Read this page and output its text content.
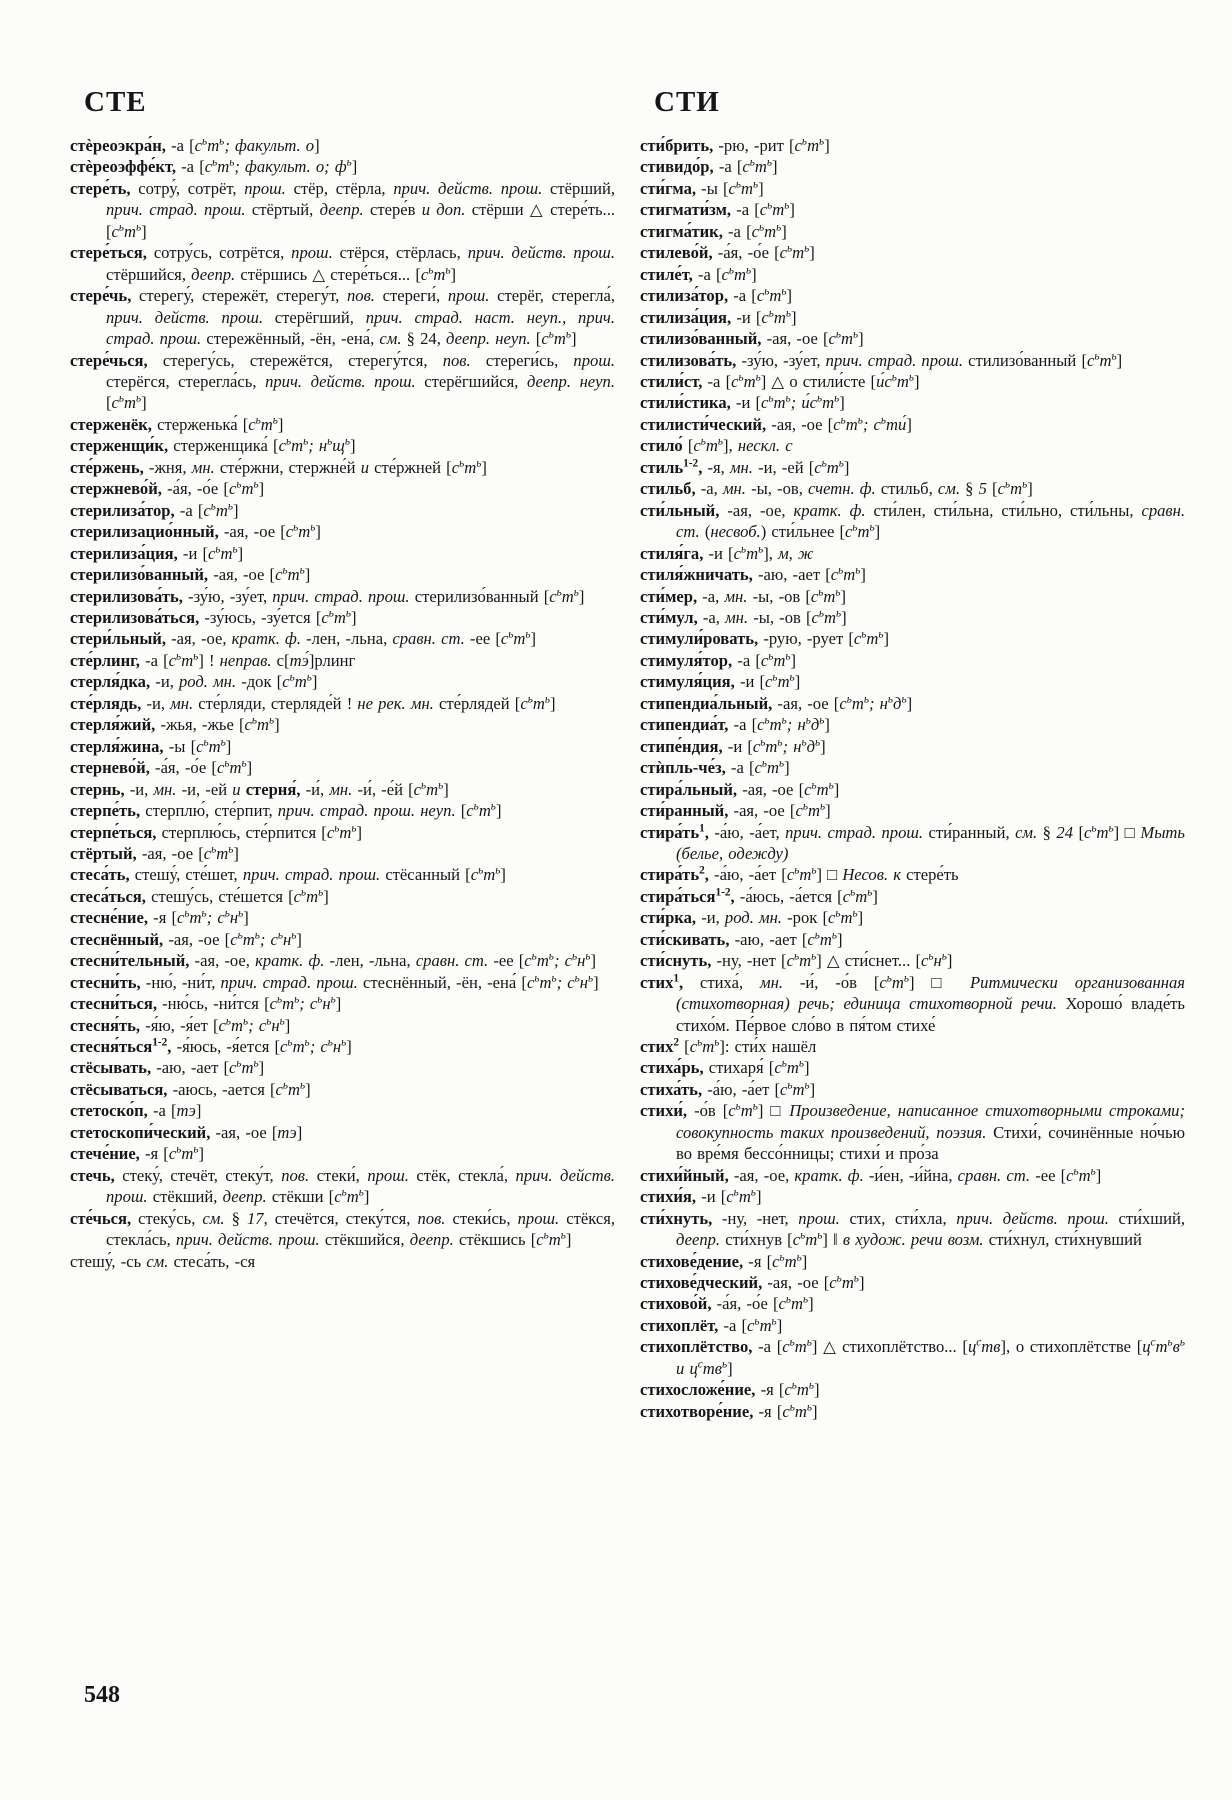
СТЕ

стѐреоэкра́н, -а [$с^ьт^ь$; факульт. о]

стѐреоэффе́кт, -а [$с^ьт^ь$; факульт. о; $ф^ь$]

стере́ть, сотру́, сотрёт, прош. стёр, стёрла, прич. действ. прош. стёрший, прич. страд. прош. стёртый, деепр. стере́в и доп. стёрши △ стере́ть... $[с^ьт^ь]$

стере́ться, сотру́сь, сотрётся, прош. стёрся, стёрлась, прич. действ. прош. стёршийся, деепр. стёршись △ стере́ться... $[с^ьт^ь]$

стере́чь, стерегу́, стережёт, стерегу́т, пов. стереги́, прош. стерёг, стерегла́, прич. действ. прош. стерёгший, прич. страд. наст. неуп., прич. страд. прош. стережённый, -ён, -ена́, см. § 24, деепр. неуп. $[с^ьт^ь]$

стере́чься, стерегу́сь, стережётся, стерегу́тся, пов. стереги́сь, прош. стерёгся, стерегла́сь, прич. действ. прош. стерёгшийся, деепр. неуп. $[с^ьт^ь]$

стерженёк, стерженька́ $[с^ьт^ь]$

стерженщи́к, стерженщика́ [$с^ьт^ь$; $н^ьщ^ь$]

сте́ржень, -жня, мн. сте́ржни, стержне́й и сте́ржней $[с^ьт^ь]$

стержнево́й, -а́я, -о́е $[с^ьт^ь]$

стерилиза́тор, -а $[с^ьт^ь]$

стерилизацио́нный, -ая, -ое $[с^ьт^ь]$

стерилиза́ция, -и $[с^ьт^ь]$

стерилизо́ванный, -ая, -ое $[с^ьт^ь]$

стерилизова́ть, -зу́ю, -зу́ет, прич. страд. прош. стерилизо́ванный $[с^ьт^ь]$

стерилизова́ться, -зу́юсь, -зу́ется $[с^ьт^ь]$

стери́льный, -ая, -ое, кратк. ф. -лен, -льна, сравн. ст. -ее $[с^ьт^ь]$

сте́рлинг, -а $[с^ьт^ь]$ ! неправ. с[тэ́]рлинг

стерля́дка, -и, род. мн. -док $[с^ьт^ь]$

сте́рлядь, -и, мн. сте́рляди, стерляде́й ! не рек. мн. сте́рлядей $[с^ьт^ь]$

стерля́жий, -жья, -жье $[с^ьт^ь]$

стерля́жина, -ы $[с^ьт^ь]$

стернево́й, -а́я, -о́е $[с^ьт^ь]$

стернь, -и, мн. -и, -ей и стерня́, -и́, мн. -и́, -е́й $[с^ьт^ь]$

стерпе́ть, стерплю́, сте́рпит, прич. страд. прош. неуп. $[с^ьт^ь]$

стерпе́ться, стерплю́сь, сте́рпится $[с^ьт^ь]$

стёртый, -ая, -ое $[с^ьт^ь]$

стеса́ть, стешу́, сте́шет, прич. страд. прош. стёсанный $[с^ьт^ь]$

стеса́ться, стешу́сь, сте́шется $[с^ьт^ь]$

стесне́ние, -я [$с^ьт^ь$; $с^ьн^ь$]

стеснённый, -ая, -ое [$с^ьт^ь$; $с^ьн^ь$]

стесни́тельный, -ая, -ое, кратк. ф. -лен, -льна, сравн. ст. -ее [$с^ьт^ь$; $с^ьн^ь$]

стесни́ть, -ню́, -ни́т, прич. страд. прош. стеснённый, -ён, -ена́ [$с^ьт^ь$; $с^ьн^ь$]

стесни́ться, -ню́сь, -ни́тся [$с^ьт^ь$; $с^ьн^ь$]

стесня́ть, -я́ю, -я́ет [$с^ьт^ь$; $с^ьн^ь$]

стесня́ться$^{1-2}$, -я́юсь, -я́ется [$с^ьт^ь$; $с^ьн^ь$]

стёсывать, -аю, -ает $[с^ьт^ь]$

стёсываться, -аюсь, -ается $[с^ьт^ь]$

стетоско́п, -а [тэ]

стетоскопи́ческий, -ая, -ое [тэ]

стече́ние, -я $[с^ьт^ь]$

стечь, стеку́, стечёт, стеку́т, пов. стеки́, прош. стёк, стекла́, прич. действ. прош. стёкший, деепр. стёкши $[с^ьт^ь]$

сте́чься, стеку́сь, см. § 17, стечётся, стеку́тся, пов. стеки́сь, прош. стёкся, стекла́сь, прич. действ. прош. стёкшийся, деепр. стёкшись $[с^ьт^ь]$

стешу́, -сь см. стеса́ть, -ся

СТИ

сти́брить, -рю, -рит $[с^ьт^ь]$

стивидо́р, -а $[с^ьт^ь]$

сти́гма, -ы $[с^ьт^ь]$

стигмати́зм, -а $[с^ьт^ь]$

стигма́тик, -а $[с^ьт^ь]$

стилево́й, -а́я, -о́е $[с^ьт^ь]$

стиле́т, -а $[с^ьт^ь]$

стилиза́тор, -а $[с^ьт^ь]$

стилиза́ция, -и $[с^ьт^ь]$

стилизо́ванный, -ая, -ое $[с^ьт^ь]$

стилизова́ть, -зу́ю, -зу́ет, прич. страд. прош. стилизо́ванный $[с^ьт^ь]$

стили́ст, -а $[с^ьт^ь]$ △ о стили́сте $[и́с^ьт^ь]$

стили́стика, -и [$с^ьт^ь$; $и́с^ьт^ь$]

стилисти́ческий, -ая, -ое [$с^ьт^ь$; $с^ьти́$]

стило́ $[с^ьт^ь]$, нескл. с

стиль$^{1-2}$, -я, мн. -и, -ей $[с^ьт^ь]$

стильб, -а, мн. -ы, -ов, счетн. ф. стильб, см. § 5 $[с^ьт^ь]$

сти́льный, -ая, -ое, кратк. ф. сти́лен, сти́льна, сти́льно, сти́льны, сравн. ст. (несвоб.) сти́льнее $[с^ьт^ь]$

стиля́га, -и $[с^ьт^ь]$, м, ж

стиля́жничать, -аю, -ает $[с^ьт^ь]$

сти́мер, -а, мн. -ы, -ов $[с^ьт^ь]$

сти́мул, -а, мн. -ы, -ов $[с^ьт^ь]$

стимули́ровать, -рую, -рует $[с^ьт^ь]$

стимуля́тор, -а $[с^ьт^ь]$

стимуля́ция, -и $[с^ьт^ь]$

стипендиа́льный, -ая, -ое [$с^ьт^ь$; $н^ьд^ь$]

стипендиа́т, -а [$с^ьт^ь$; $н^ьд^ь$]

стипе́ндия, -и [$с^ьт^ь$; $н^ьд^ь$]

стѝпль-че́з, -а $[с^ьт^ь]$

стира́льный, -ая, -ое $[с^ьт^ь]$

сти́ранный, -ая, -ое $[с^ьт^ь]$

$стира́ть^1$, -а́ю, -а́ет, прич. страд. прош. сти́ранный, см. § 24 $[с^ьт^ь]$ □ Мыть (белье, одежду)

$стира́ть^2$, -а́ю, -а́ет $[с^ьт^ь]$ □ Несов. к стере́ть

стира́ться$^{1-2}$, -а́юсь, -а́ется $[с^ьт^ь]$

сти́рка, -и, род. мн. -рок $[с^ьт^ь]$

сти́скивать, -аю, -ает $[с^ьт^ь]$

сти́снуть, -ну, -нет $[с^ьт^ь]$ △ сти́снет... $[с^ьн^ь]$

стих$^1$, стиха́, мн. -и́, -о́в $[с^ьт^ь]$ □ Ритмически организованная (стихотворная) речь; единица стихотворной речи. Хорошо́ владе́ть стихо́м. Пе́рвое сло́во в пя́том стихе́

стих$^2$ $[с^ьт^ь]$: сти́х нашёл

стиха́рь, стихаря́ $[с^ьт^ь]$

стиха́ть, -а́ю, -а́ет $[с^ьт^ь]$

стихи́, -о́в $[с^ьт^ь]$ □ Произведение, написанное стихотворными строками; совокупность таких произведений, поэзия. Стихи́, сочинённые но́чью во вре́мя бессо́нницы; стихи́ и про́за

стихи́йный, -ая, -ое, кратк. ф. -и́ен, -и́йна, сравн. ст. -ее $[с^ьт^ь]$

стихи́я, -и $[с^ьт^ь]$

сти́хнуть, -ну, -нет, прош. стих, сти́хла, прич. действ. прош. сти́хший, деепр. сти́хнув $[с^ьт^ь]$ ‖ в худож. речи возм. сти́хнул, сти́хнувший

стихове́дение, -я $[с^ьт^ь]$

стихове́дческий, -ая, -ое $[с^ьт^ь]$

стихово́й, -а́я, -о́е $[с^ьт^ь]$

стихоплёт, -а $[с^ьт^ь]$

стихоплётство, -а $[с^ьт^ь]$ △ стихоплётство... $[ц^ств]$, о стихоплётстве [$ц^ст^ьв^ь$ и $ц^ств^ь$]

стихосложе́ние, -я $[с^ьт^ь]$

стихотворе́ние, -я $[с^ьт^ь]$

548
